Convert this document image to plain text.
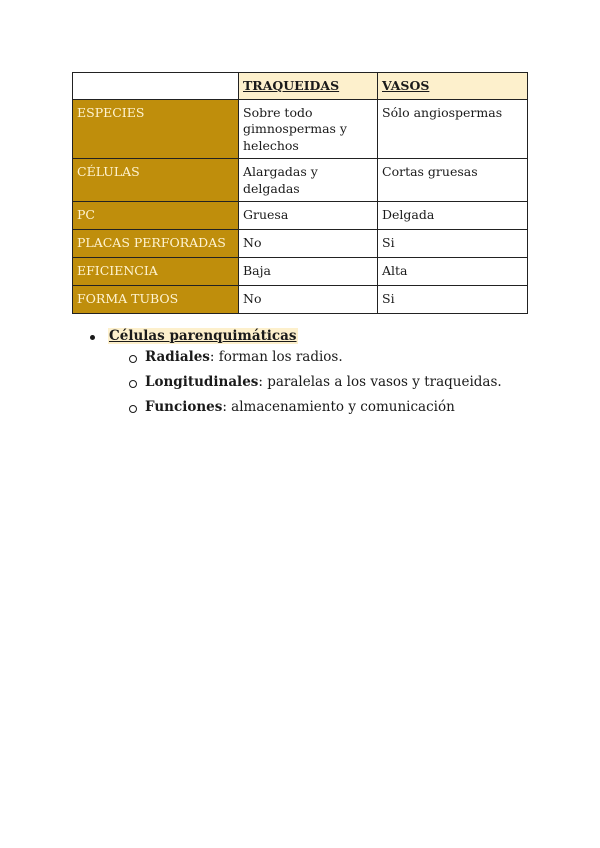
	TRAQUEIDAS	VASOS
ESPECIES	Sobre todo gimnospermas y helechos	Sólo angiospermas
CÉLULAS	Alargadas y delgadas	Cortas gruesas
PC	Gruesa	Delgada
PLACAS PERFORADAS	No	Si
EFICIENCIA	Baja	Alta
FORMA TUBOS	No	Si
Células parenquimáticas
Radiales: forman los radios.
Longitudinales: paralelas a los vasos y traqueidas.
Funciones: almacenamiento y comunicación
